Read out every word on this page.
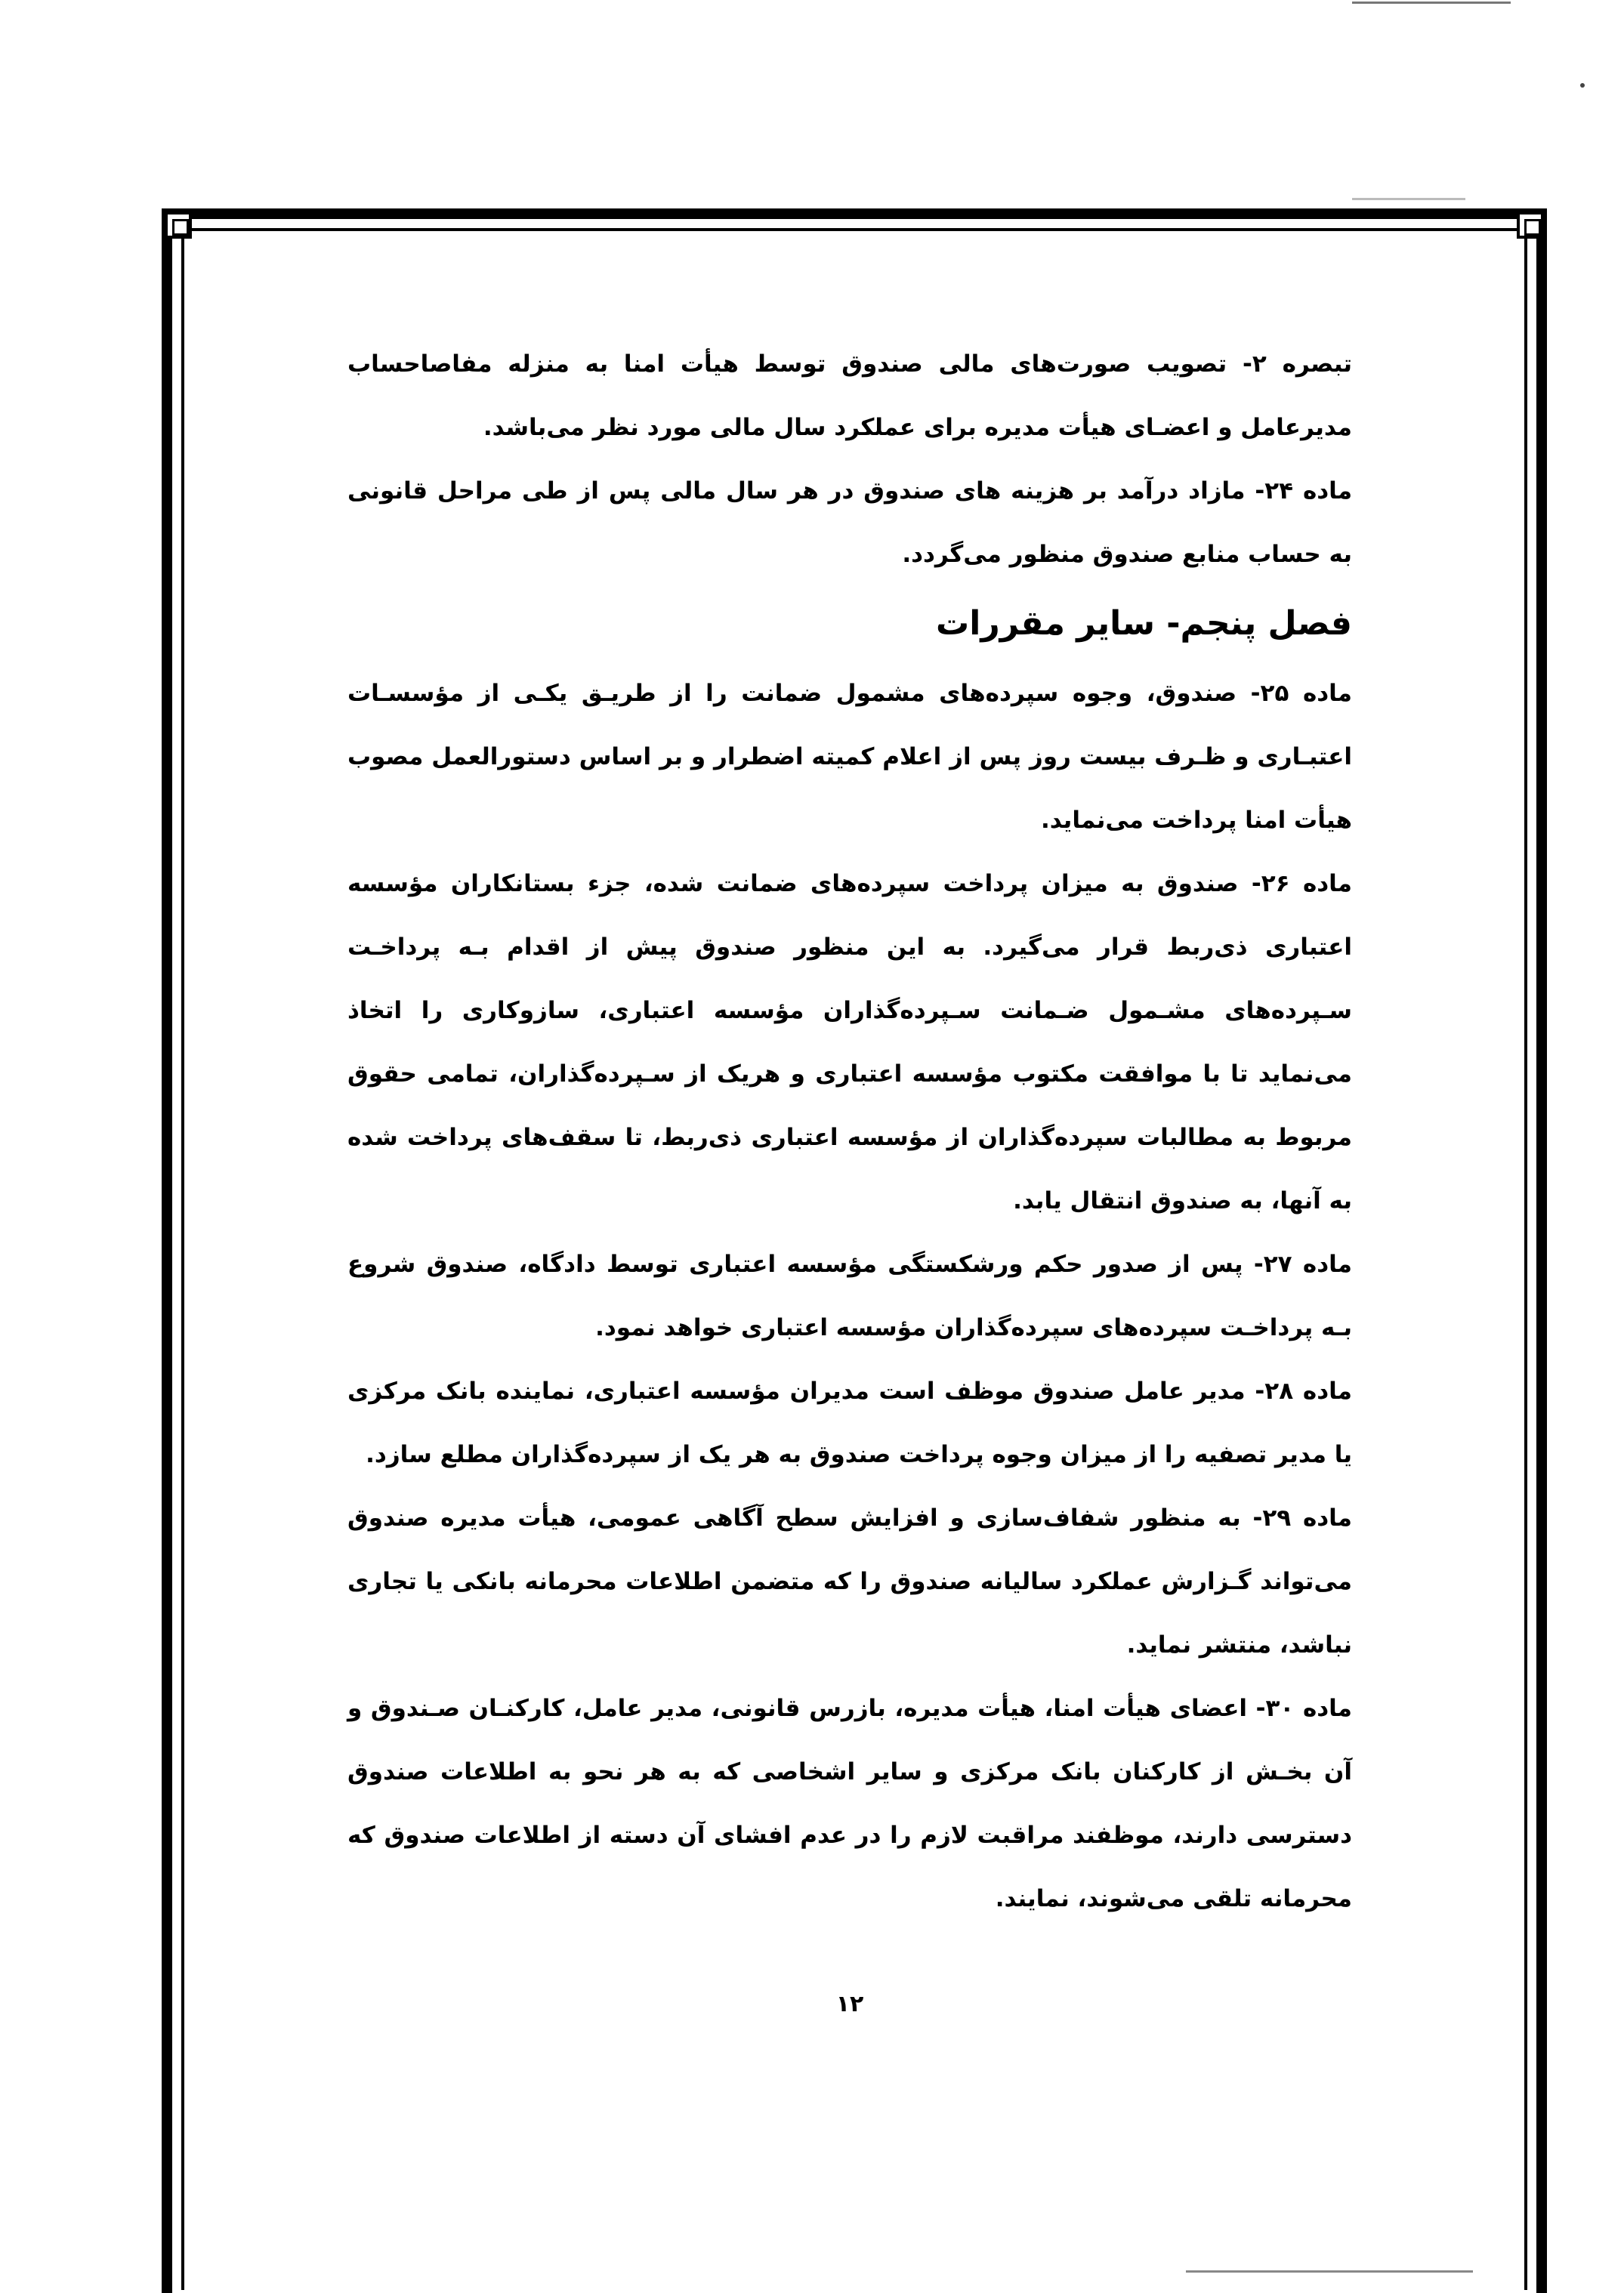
تبصره ۲- تصویب صورت‌های مالی صندوق توسط هیأت امنا به منزله مفاصاحساب مدیرعامل و اعضـای هیأت مدیره برای عملکرد سال مالی مورد نظر می‌باشد.

ماده ۲۴- مازاد درآمد بر هزینه های صندوق در هر سال مالی پس از طی مراحل قانونی به حساب منابع صندوق منظور می‌گردد.

فصل پنجم- سایر مقررات

ماده ۲۵- صندوق، وجوه سپرده‌های مشمول ضمانت را از طریـق یکـی از مؤسسـات اعتبـاری و ظـرف بیست روز پس از اعلام کمیته اضطرار و بر اساس دستورالعمل مصوب هیأت امنا پرداخت می‌نماید.

ماده ۲۶- صندوق به میزان پرداخت سپرده‌های ضمانت شده، جزء بستانکاران مؤسسه اعتباری ذی‌ربط قرار می‌گیرد. به این منظور صندوق پیش از اقدام بـه پرداخـت سـپرده‌های مشـمول ضـمانت سـپرده‌گذاران مؤسسه اعتباری، سازوکاری را اتخاذ می‌نماید تا با موافقت مکتوب مؤسسه اعتباری و هریک از سـپرده‌گذاران، تمامی حقوق مربوط به مطالبات سپرده‌گذاران از مؤسسه اعتباری ذی‌ربط، تا سقف‌های پرداخت شده به آنها، به صندوق انتقال یابد.

ماده ۲۷- پس از صدور حکم ورشکستگی مؤسسه اعتباری توسط دادگاه، صندوق شروع بـه پرداخـت سپرده‌های سپرده‌گذاران مؤسسه اعتباری خواهد نمود.

ماده ۲۸- مدیر عامل صندوق موظف است مدیران مؤسسه اعتباری، نماینده بانک مرکزی یا مدیر تصفیه را از میزان وجوه پرداخت صندوق به هر یک از سپرده‌گذاران مطلع سازد.

ماده ۲۹- به منظور شفاف‌سازی و افزایش سطح آگاهی عمومی، هیأت مدیره صندوق می‌تواند گـزارش عملکرد سالیانه صندوق را که متضمن اطلاعات محرمانه بانکی یا تجاری نباشد، منتشر نماید.

ماده ۳۰- اعضای هیأت امنا، هیأت مدیره، بازرس قانونی، مدیر عامل، کارکنـان صـندوق و آن بخـش از کارکنان بانک مرکزی و سایر اشخاصی که به هر نحو به اطلاعات صندوق دسترسی دارند، موظفند مراقبت لازم را در عدم افشای آن دسته از اطلاعات صندوق که محرمانه تلقی می‌شوند، نمایند.

۱۲
